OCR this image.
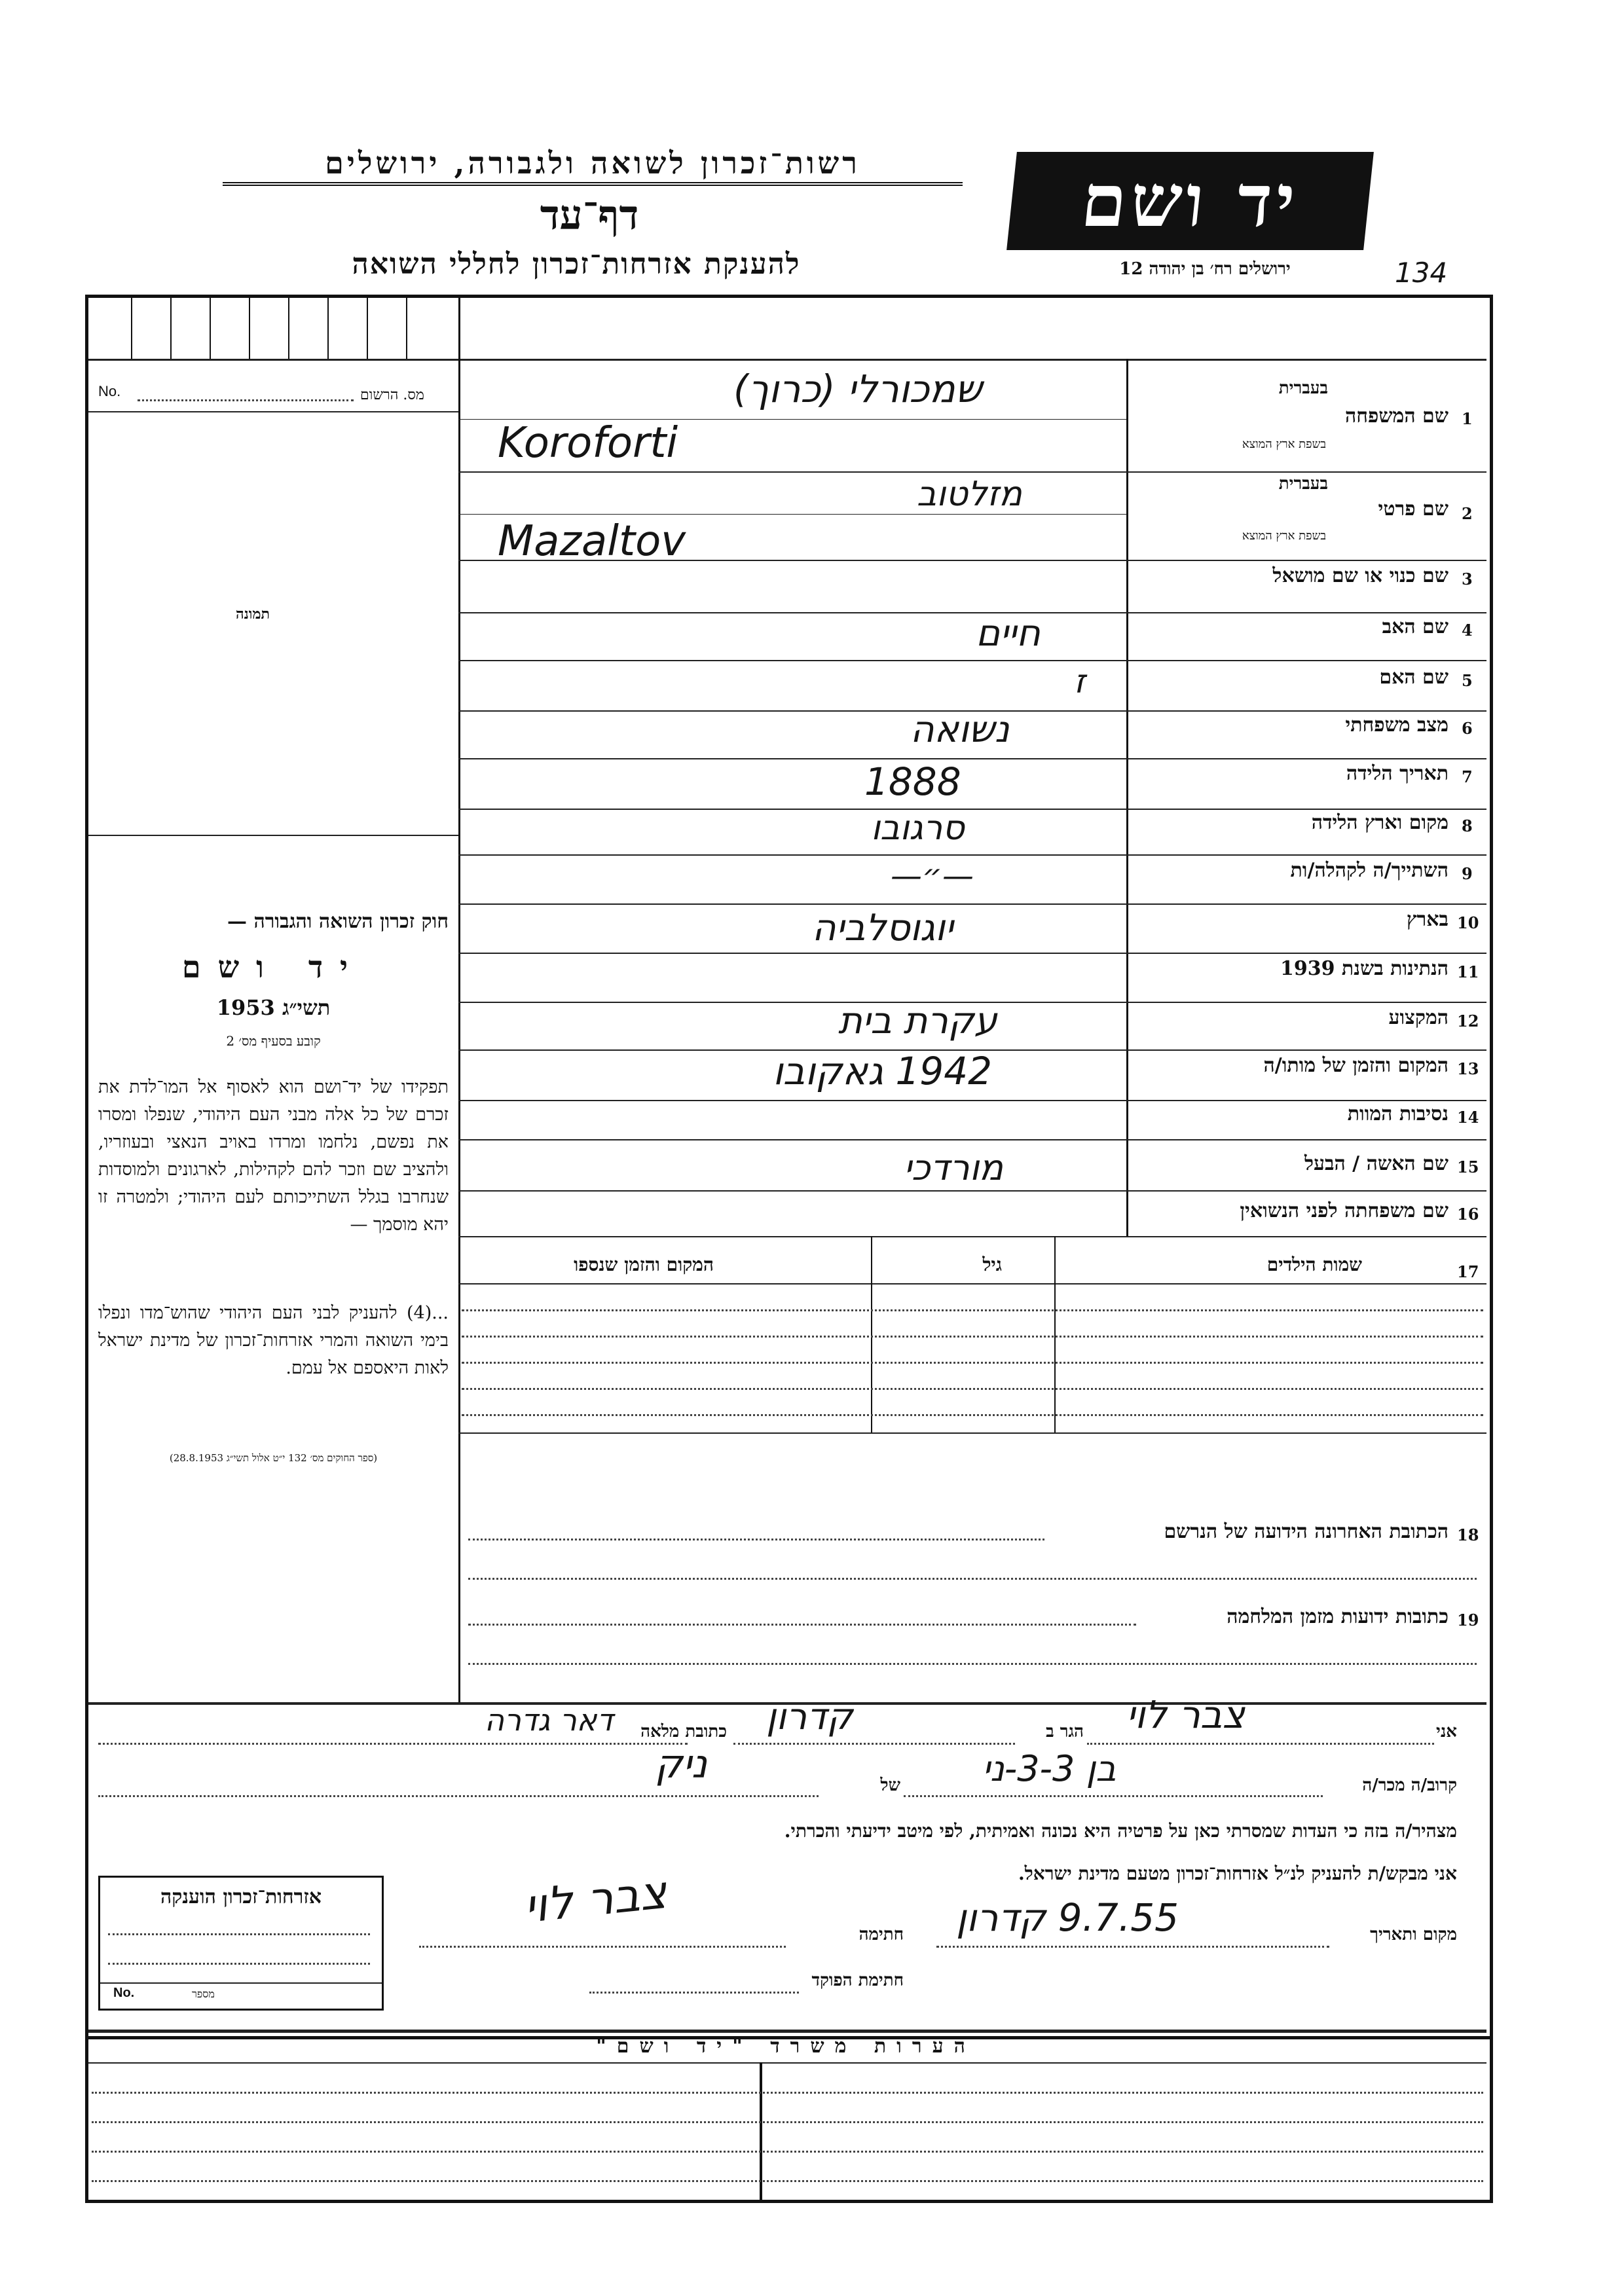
רשות־זכרון לשואה ולגבורה, ירושלים
דף־עד
להענקת אזרחות־זכרון לחללי השואה
יד ושם
ירושלים רח׳ בן יהודה 12	134
No.	מס. הרשום
תמונה
חוק זכרון השואה והגבורה —
יד ושם
תשי״ג 1953
קובע בסעיף מס׳ 2
תפקידו של יד־ושם הוא לאסוף אל המו־לדת את זכרם של כל אלה מבני העם היהודי, שנפלו ומסרו את נפשם, נלחמו ומרדו באויב הנאצי ובעוזריו, ולהציב שם וזכר להם לקהילות, לארגונים ולמוסדות שנחרבו בגלל השתייכותם לעם היהודי; ולמטרה זו יהא מוסמך —
...(4) להעניק לבני העם היהודי שהוש־מדו ונפלו בימי השואה והמרי אזרחות־זכרון של מדינת ישראל לאות היאספם אל עמם.
(ספר החוקים מס׳ 132 י״ט אלול תשי״ג 28.8.1953)
1
שם המשפחה
בעברית
בשפת ארץ המוצא
שמכורלי (כרוך)
Koroforti
2
שם פרטי
בעברית
בשפת ארץ המוצא
מזלטוב
Mazaltov
3
שם כנוי או שם מושאל
4
שם האב
חיים
5
שם האם
ז
6
מצב משפחתי
נשואה
7
תאריך הלידה
1888
8
מקום וארץ הלידה
סרגובו
9
השתייך/ה לקהלה/ות
—״—
10
בארץ
יוגוסלביה
11
הנתינות בשנת 1939
12
המקצוע
עקרת בית
13
המקום והזמן של מותו/ה
1942 גאקובו
14
נסיבות המוות
15
שם האשה / הבעל
מורדכי
16
שם משפחתה לפני הנשואין
17
שמות הילדים
גיל
המקום והזמן שנספו
18
הכתובת האחרונה הידועה של הנרשם
19
כתובות ידועות מזמן המלחמה
אני
צבר לוי
הגר ב
קדרון
כתובת מלאה
דאר גדרה
קרוב/ה מכר/ה
בן 3-3-ני
של
ניק
מצהיר/ה בזה כי העדות שמסרתי כאן על פרטיה היא נכונה ואמיתית, לפי מיטב ידיעתי והכרתי.
אני מבקש/ת להעניק לנ״ל אזרחות־זכרון מטעם מדינת ישראל.
מקום ותאריך
9.7.55 קדרון
חתימה
צבר לוי
חתימת הפוקד
אזרחות־זכרון הוענקה
No.	מספר
הערות משרד "יד ושם"
